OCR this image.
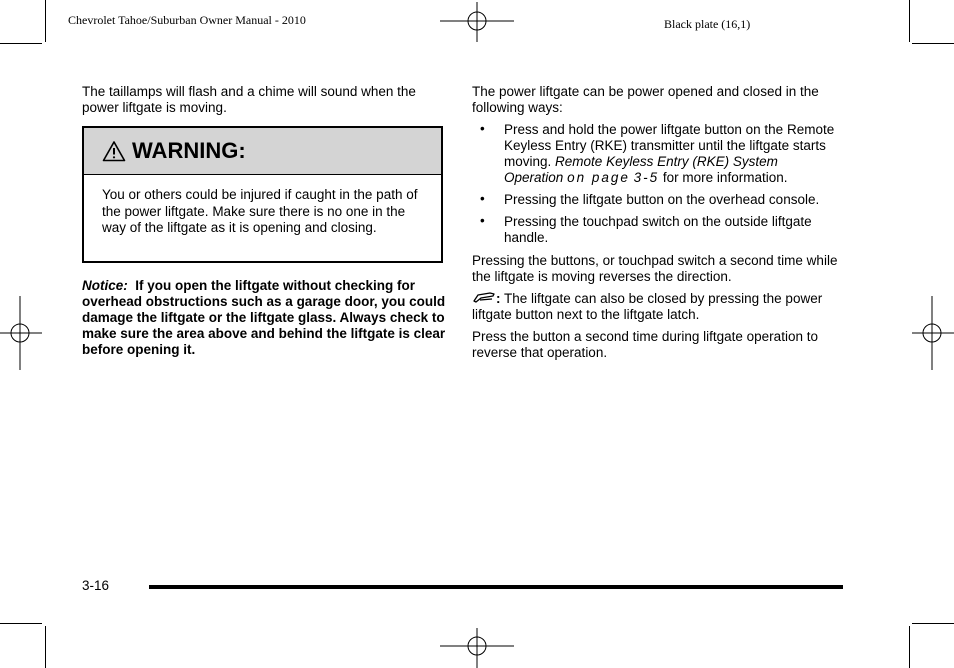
Chevrolet Tahoe/Suburban Owner Manual - 2010	Black plate (16,1)

The taillamps will flash and a chime will sound when the power liftgate is moving.

WARNING:
You or others could be injured if caught in the path of the power liftgate. Make sure there is no one in the way of the liftgate as it is opening and closing.
Notice: If you open the liftgate without checking for overhead obstructions such as a garage door, you could damage the liftgate or the liftgate glass. Always check to make sure the area above and behind the liftgate is clear before opening it.

The power liftgate can be power opened and closed in the following ways:

• Press and hold the power liftgate button on the Remote Keyless Entry (RKE) transmitter until the liftgate starts moving. Remote Keyless Entry (RKE) System Operation on page 3-5 for more information.
• Pressing the liftgate button on the overhead console.
• Pressing the touchpad switch on the outside liftgate handle.

Pressing the buttons, or touchpad switch a second time while the liftgate is moving reverses the direction.

: The liftgate can also be closed by pressing the power liftgate button next to the liftgate latch.

Press the button a second time during liftgate operation to reverse that operation.

3-16
